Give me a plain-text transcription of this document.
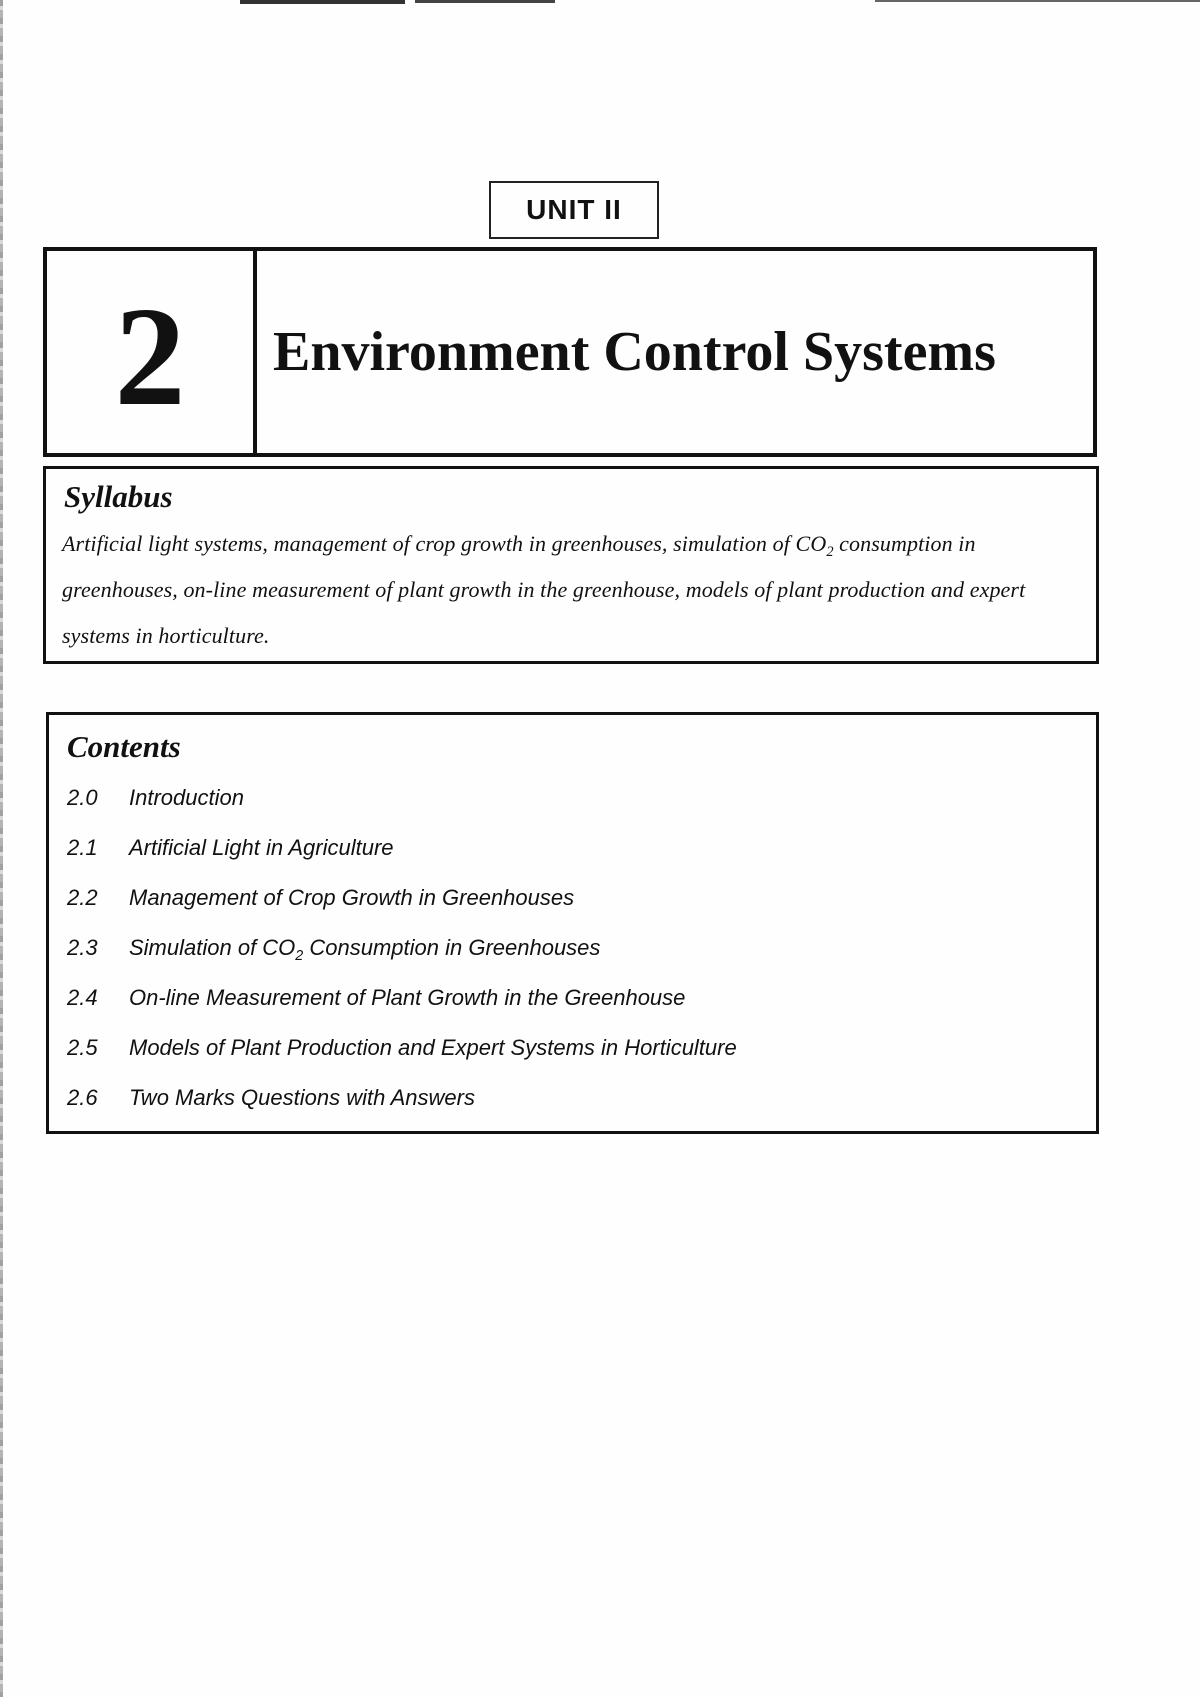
UNIT II
2	Environment Control Systems
Syllabus
Artificial light systems, management of crop growth in greenhouses, simulation of $CO_2$ consumption in greenhouses, on-line measurement of plant growth in the greenhouse, models of plant production and expert systems in horticulture.
Contents
2.0	Introduction
2.1	Artificial Light in Agriculture
2.2	Management of Crop Growth in Greenhouses
2.3	Simulation of $CO_2$ Consumption in Greenhouses
2.4	On-line Measurement of Plant Growth in the Greenhouse
2.5	Models of Plant Production and Expert Systems in Horticulture
2.6	Two Marks Questions with Answers
